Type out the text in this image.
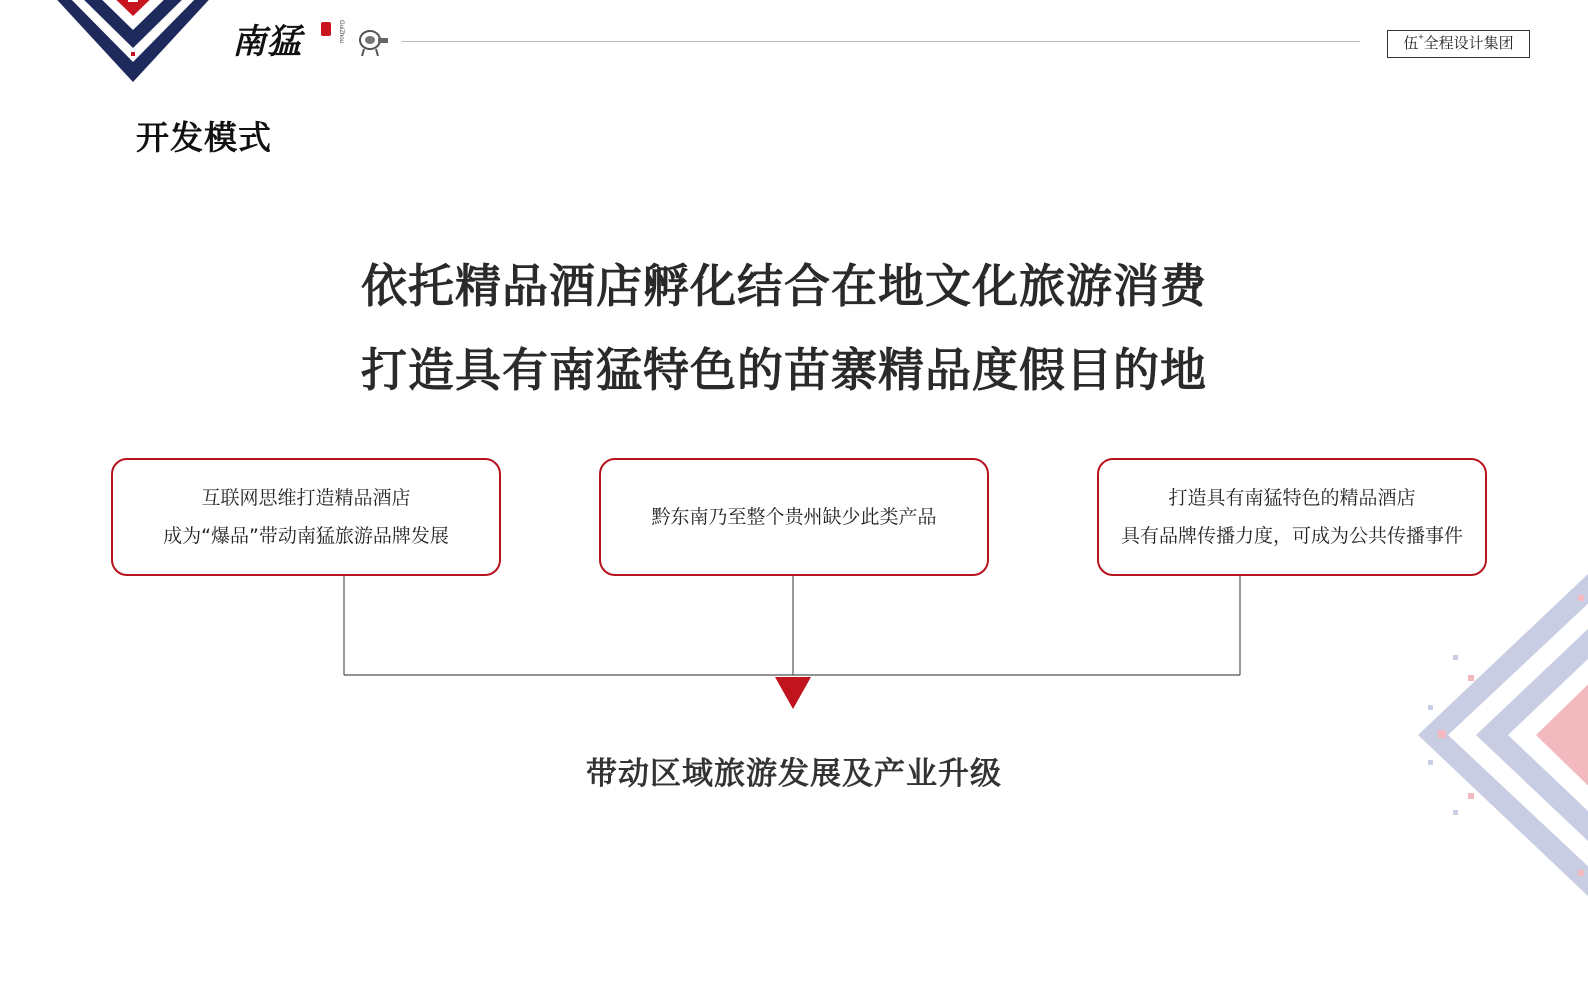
南猛	GuiZhou
伍+全程设计集团
开发模式
依托精品酒店孵化结合在地文化旅游消费
打造具有南猛特色的苗寨精品度假目的地
互联网思维打造精品酒店
成为“爆品”带动南猛旅游品牌发展
黔东南乃至整个贵州缺少此类产品
打造具有南猛特色的精品酒店
具有品牌传播力度，可成为公共传播事件
带动区域旅游发展及产业升级
